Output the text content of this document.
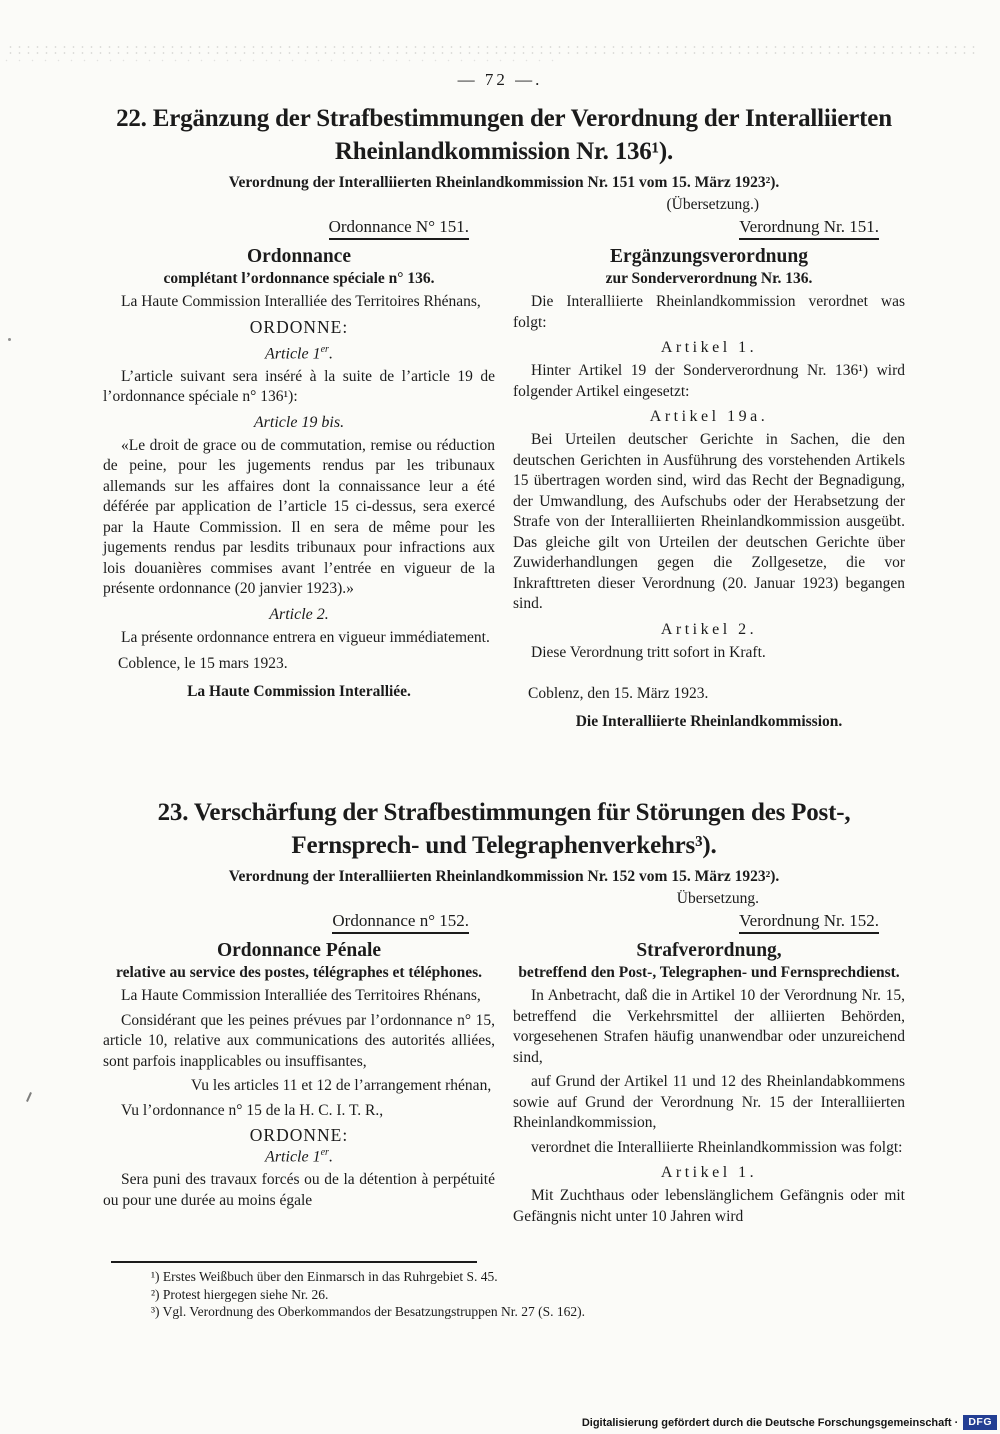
— 72 —.
22. Ergänzung der Strafbestimmungen der Verordnung der Interalliierten
Rheinlandkommission Nr. 136¹).
Verordnung der Interalliierten Rheinlandkommission Nr. 151 vom 15. März 1923²).
(Übersetzung.)
Ordonnance N° 151.
Ordonnance
complétant l’ordonnance spéciale n° 136.

La Haute Commission Interalliée des Territoires Rhénans,

ORDONNE:
Article 1er.

L’article suivant sera inséré à la suite de l’article 19 de l’ordonnance spéciale n° 136¹):

Article 19 bis.

«Le droit de grace ou de commutation, remise ou réduction de peine, pour les jugements rendus par les tribunaux allemands sur les affaires dont la connaissance leur a été déférée par application de l’article 15 ci-dessus, sera exercé par la Haute Commission. Il en sera de même pour les jugements rendus par lesdits tribunaux pour infractions aux lois douanières commises avant l’entrée en vigueur de la présente ordonnance (20 janvier 1923).»

Article 2.

La présente ordonnance entrera en vigueur immédiatement.

Coblence, le 15 mars 1923.

La Haute Commission Interalliée.
Verordnung Nr. 151.
Ergänzungsverordnung
zur Sonderverordnung Nr. 136.

Die Interalliierte Rheinlandkommission verordnet was folgt:

Artikel 1.

Hinter Artikel 19 der Sonderverordnung Nr. 136¹) wird folgender Artikel eingesetzt:

Artikel 19a.

Bei Urteilen deutscher Gerichte in Sachen, die den deutschen Gerichten in Ausführung des vorstehenden Artikels 15 übertragen worden sind, wird das Recht der Begnadigung, der Umwandlung, des Aufschubs oder der Herabsetzung der Strafe von der Interalliierten Rheinlandkommission ausgeübt. Das gleiche gilt von Urteilen der deutschen Gerichte über Zuwiderhandlungen gegen die Zollgesetze, die vor Inkrafttreten dieser Verordnung (20. Januar 1923) begangen sind.

Artikel 2.

Diese Verordnung tritt sofort in Kraft.

Coblenz, den 15. März 1923.

Die Interalliierte Rheinlandkommission.
23. Verschärfung der Strafbestimmungen für Störungen des Post-,
Fernsprech- und Telegraphenverkehrs³).
Verordnung der Interalliierten Rheinlandkommission Nr. 152 vom 15. März 1923²).
Übersetzung.
Ordonnance n° 152.
Ordonnance Pénale
relative au service des postes, télégraphes et téléphones.

La Haute Commission Interalliée des Territoires Rhénans,

Considérant que les peines prévues par l’ordonnance n° 15, article 10, relative aux communications des autorités alliées, sont parfois inapplicables ou insuffisantes,

Vu les articles 11 et 12 de l’arrangement rhénan,

Vu l’ordonnance n° 15 de la H. C. I. T. R.,

ORDONNE:
Article 1er.

Sera puni des travaux forcés ou de la détention à perpétuité ou pour une durée au moins égale

Verordnung Nr. 152.
Strafverordnung,
betreffend den Post-, Telegraphen- und Fernsprechdienst.

In Anbetracht, daß die in Artikel 10 der Verordnung Nr. 15, betreffend die Verkehrsmittel der alliierten Behörden, vorgesehenen Strafen häufig unanwendbar oder unzureichend sind,

auf Grund der Artikel 11 und 12 des Rheinlandabkommens sowie auf Grund der Verordnung Nr. 15 der Interalliierten Rheinlandkommission,

verordnet die Interalliierte Rheinlandkommission was folgt:

Artikel 1.

Mit Zuchthaus oder lebenslänglichem Gefängnis oder mit Gefängnis nicht unter 10 Jahren wird

¹) Erstes Weißbuch über den Einmarsch in das Ruhrgebiet S. 45.
²) Protest hiergegen siehe Nr. 26.
³) Vgl. Verordnung des Oberkommandos der Besatzungstruppen Nr. 27 (S. 162).
Digitalisierung gefördert durch die Deutsche Forschungsgemeinschaft · DFG
